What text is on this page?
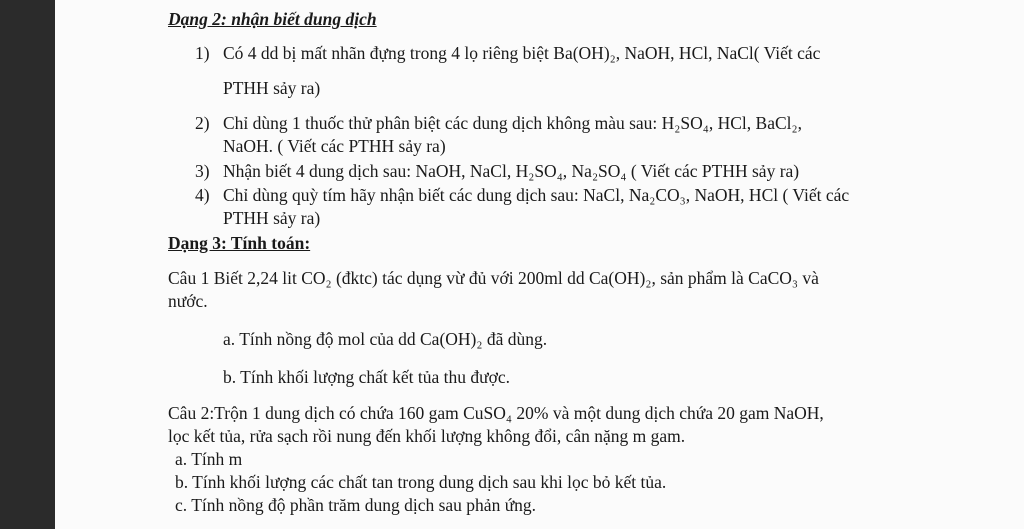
Dạng 2: nhận biết dung dịch
1) Có 4 dd bị mất nhãn đựng trong 4 lọ riêng biệt Ba(OH)₂, NaOH, HCl, NaCl( Viết các
PTHH sảy ra)
2) Chỉ dùng 1 thuốc thử phân biệt các dung dịch không màu sau: H₂SO₄, HCl, BaCl₂,
NaOH. ( Viết các PTHH sảy ra)
3) Nhận biết 4 dung dịch sau: NaOH, NaCl, H₂SO₄, Na₂SO₄ ( Viết các PTHH sảy ra)
4) Chỉ dùng quỳ tím hãy nhận biết các dung dịch sau: NaCl, Na₂CO₃, NaOH, HCl ( Viết các
PTHH sảy ra)
Dạng 3: Tính toán:
Câu 1 Biết 2,24 lit CO₂ (đktc) tác dụng vừ đủ với 200ml dd Ca(OH)₂, sản phẩm là CaCO₃ và
nước.
a. Tính nồng độ mol của dd Ca(OH)₂ đã dùng.
b. Tính khối lượng chất kết tủa thu được.
Câu 2:Trộn 1 dung dịch có chứa 160 gam CuSO₄ 20% và một dung dịch chứa 20 gam NaOH,
lọc kết tủa, rửa sạch rồi nung đến khối lượng không đổi, cân nặng m gam.
a. Tính m
b. Tính khối lượng các chất tan trong dung dịch sau khi lọc bỏ kết tủa.
c. Tính nồng độ phần trăm dung dịch sau phản ứng.
